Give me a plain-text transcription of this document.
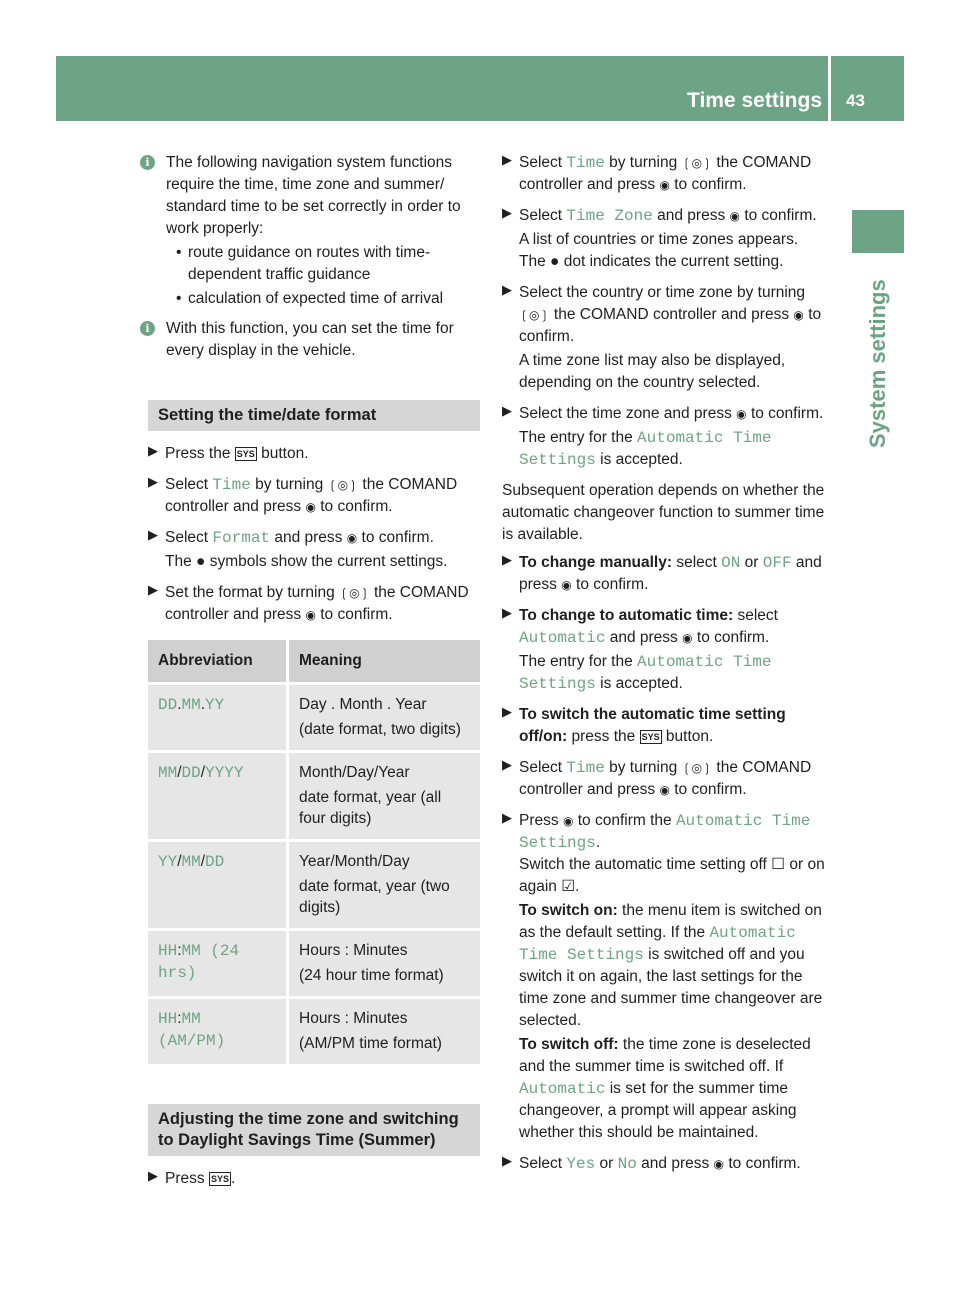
Time settings 43
System settings
i	The following navigation system functions require the time, time zone and summer/ standard time to be set correctly in order to work properly:

• route guidance on routes with time-dependent traffic guidance

• calculation of expected time of arrival

i	With this function, you can set the time for every display in the vehicle.

Setting the time/date format
▶ Press the SYS button.

▶ Select Time by turning ❲◎❳ the COMAND controller and press ◉ to confirm.

▶ Select Format and press ◉ to confirm.

The ● symbols show the current settings.

▶ Set the format by turning ❲◎❳ the COMAND controller and press ◉ to confirm.

Abbreviation	Meaning
DD.MM.YY	Day . Month . Year
(date format, two digits)
MM/DD/YYYY	Month/Day/Year
date format, year (all four digits)
YY/MM/DD	Year/Month/Day
date format, year (two digits)
HH:MM (24 hrs)	Hours : Minutes
(24 hour time format)
HH:MM (AM/PM)	Hours : Minutes
(AM/PM time format)
Adjusting the time zone and switching to Daylight Savings Time (Summer)
▶ Press SYS .

▶ Select Time by turning ❲◎❳ the COMAND controller and press ◉ to confirm.

▶ Select Time Zone and press ◉ to confirm.

A list of countries or time zones appears.

The ● dot indicates the current setting.

▶ Select the country or time zone by turning ❲◎❳ the COMAND controller and press ◉ to confirm.

A time zone list may also be displayed, depending on the country selected.

▶ Select the time zone and press ◉ to confirm.

The entry for the Automatic Time Settings is accepted.

Subsequent operation depends on whether the automatic changeover function to summer time is available.

▶ To change manually: select ON or OFF and press ◉ to confirm.

▶ To change to automatic time: select Automatic and press ◉ to confirm.

The entry for the Automatic Time Settings is accepted.

▶ To switch the automatic time setting off/on: press the SYS button.

▶ Select Time by turning ❲◎❳ the COMAND controller and press ◉ to confirm.

▶ Press ◉ to confirm the Automatic Time Settings.

Switch the automatic time setting off ☐ or on again ☑.

To switch on: the menu item is switched on as the default setting. If the Automatic Time Settings is switched off and you switch it on again, the last settings for the time zone and summer time changeover are selected.

To switch off: the time zone is deselected and the summer time is switched off. If Automatic is set for the summer time changeover, a prompt will appear asking whether this should be maintained.

▶ Select Yes or No and press ◉ to confirm.
